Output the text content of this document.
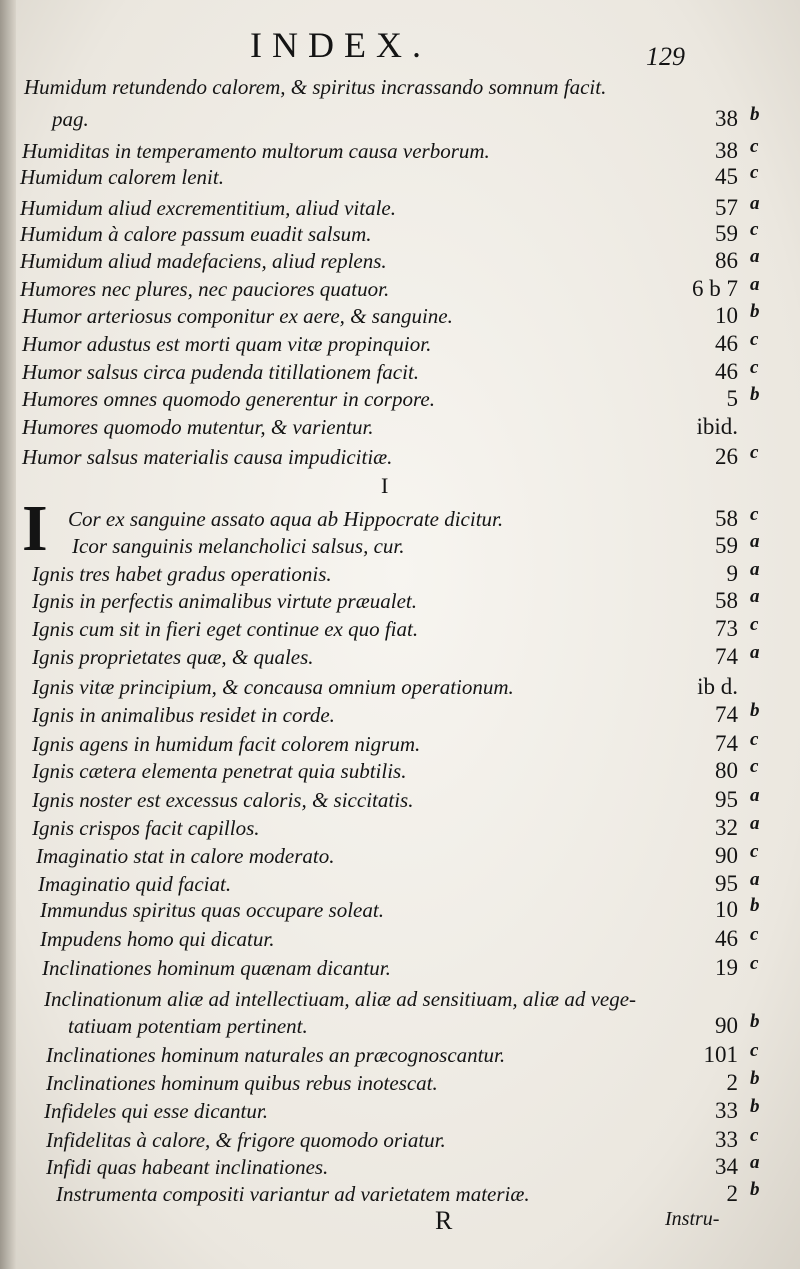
INDEX.	129
Humidum retundendo calorem, & spiritus incrassando somnum facit.
pag.	38 b
Humiditas in temperamento multorum causa verborum.	38 c
Humidum calorem lenit.	45 c
Humidum aliud excrementitium, aliud vitale.	57 a
Humidum à calore passum euadit salsum.	59 c
Humidum aliud madefaciens, aliud replens.	86 a
Humores nec plures, nec pauciores quatuor.	6 b 7 a
Humor arteriosus componitur ex aere, & sanguine.	10 b
Humor adustus est morti quam vitæ propinquior.	46 c
Humor salsus circa pudenda titillationem facit.	46 c
Humores omnes quomodo generentur in corpore.	5 b
Humores quomodo mutentur, & varientur.	ibid.
Humor salsus materialis causa impudicitiæ.	26 c
Cor ex sanguine assato aqua ab Hippocrate dicitur.	58 c
Icor sanguinis melancholici salsus, cur.	59 a
Ignis tres habet gradus operationis.	9 a
Ignis in perfectis animalibus virtute præualet.	58 a
Ignis cum sit in fieri eget continue ex quo fiat.	73 c
Ignis proprietates quæ, & quales.	74 a
Ignis vitæ principium, & concausa omnium operationum.	ib d.
Ignis in animalibus residet in corde.	74 b
Ignis agens in humidum facit colorem nigrum.	74 c
Ignis cætera elementa penetrat quia subtilis.	80 c
Ignis noster est excessus caloris, & siccitatis.	95 a
Ignis crispos facit capillos.	32 a
Imaginatio stat in calore moderato.	90 c
Imaginatio quid faciat.	95 a
Immundus spiritus quas occupare soleat.	10 b
Impudens homo qui dicatur.	46 c
Inclinationes hominum quænam dicantur.	19 c
Inclinationum aliæ ad intellectiuam, aliæ ad sensitiuam, aliæ ad vege-
tatiuam potentiam pertinent.	90 b
Inclinationes hominum naturales an præcognoscantur.	101 c
Inclinationes hominum quibus rebus inotescat.	2 b
Infideles qui esse dicantur.	33 b
Infidelitas à calore, & frigore quomodo oriatur.	33 c
Infidi quas habeant inclinationes.	34 a
Instrumenta compositi variantur ad varietatem materiæ.	2 b
I
I
R	Instru-
